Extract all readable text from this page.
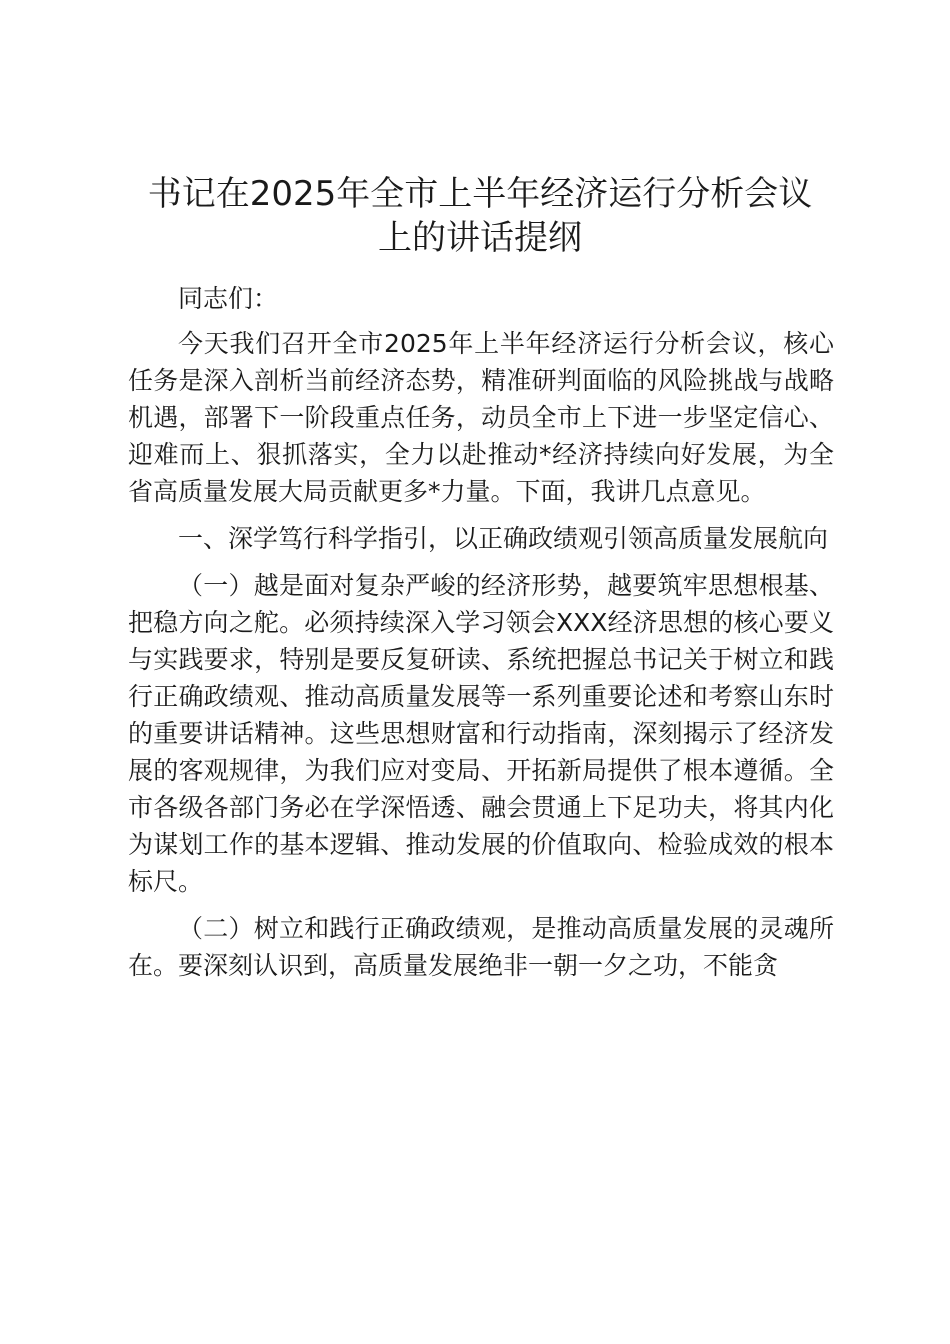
书记在2025年全市上半年经济运行分析会议
上的讲话提纲

同志们：

今天我们召开全市2025年上半年经济运行分析会议，核心任务是深入剖析当前经济态势，精准研判面临的风险挑战与战略机遇，部署下一阶段重点任务，动员全市上下进一步坚定信心、迎难而上、狠抓落实，全力以赴推动*经济持续向好发展，为全省高质量发展大局贡献更多*力量。下面，我讲几点意见。

一、深学笃行科学指引，以正确政绩观引领高质量发展航向

（一）越是面对复杂严峻的经济形势，越要筑牢思想根基、把稳方向之舵。必须持续深入学习领会XXX经济思想的核心要义与实践要求，特别是要反复研读、系统把握总书记关于树立和践行正确政绩观、推动高质量发展等一系列重要论述和考察山东时的重要讲话精神。这些思想财富和行动指南，深刻揭示了经济发展的客观规律，为我们应对变局、开拓新局提供了根本遵循。全市各级各部门务必在学深悟透、融会贯通上下足功夫，将其内化为谋划工作的基本逻辑、推动发展的价值取向、检验成效的根本标尺。

（二）树立和践行正确政绩观，是推动高质量发展的灵魂所在。要深刻认识到，高质量发展绝非一朝一夕之功，不能贪
